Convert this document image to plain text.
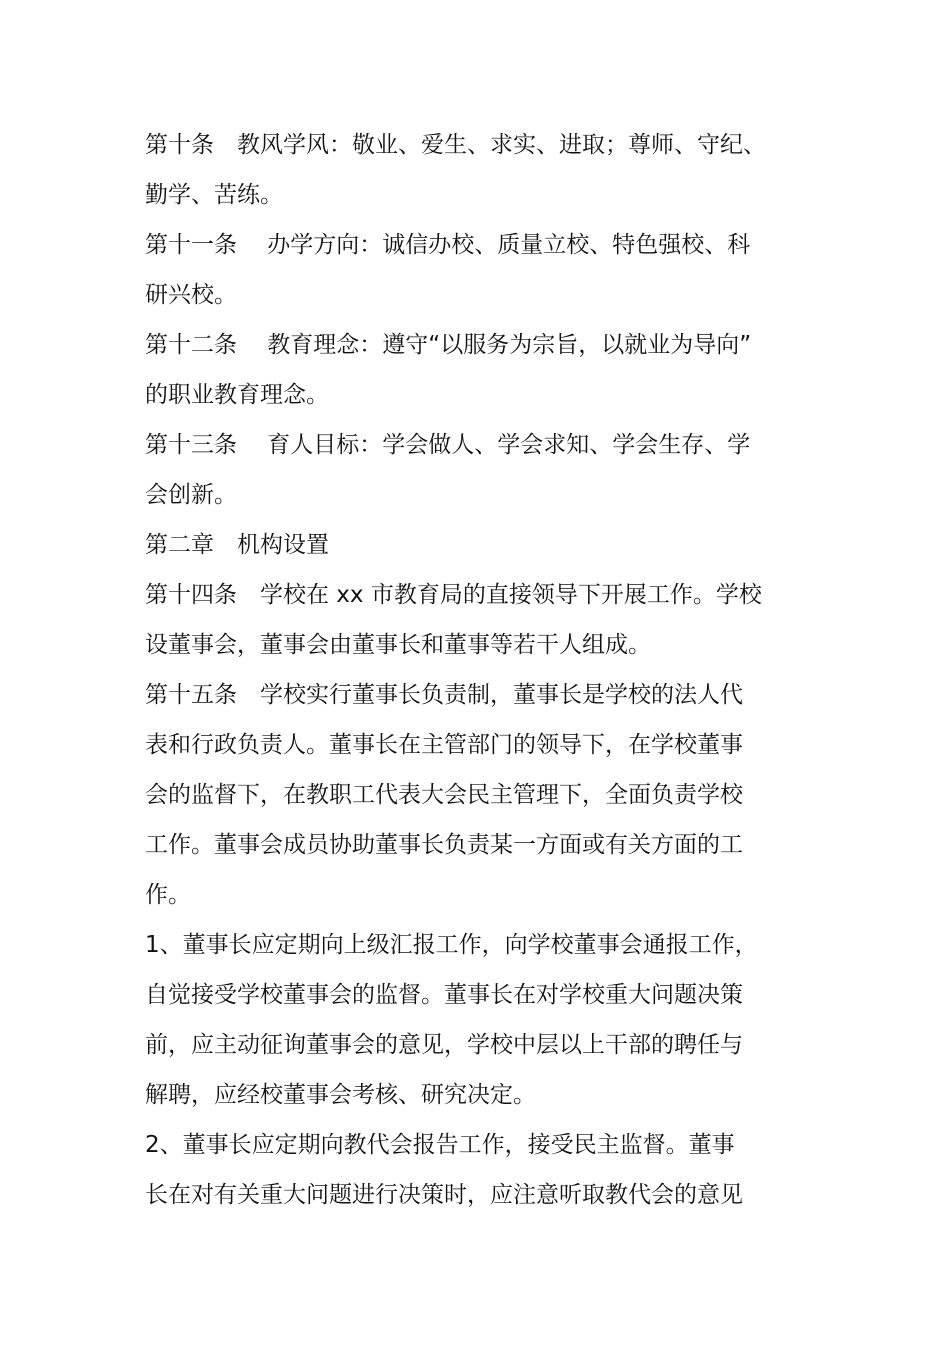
第十条　教风学风：敬业、爱生、求实、进取；尊师、守纪、
勤学、苦练。
第十一条　 办学方向：诚信办校、质量立校、特色强校、科
研兴校。
第十二条　 教育理念：遵守“以服务为宗旨，以就业为导向”
的职业教育理念。
第十三条　 育人目标：学会做人、学会求知、学会生存、学
会创新。
第二章　机构设置
第十四条　学校在 xx 市教育局的直接领导下开展工作。学校
设董事会，董事会由董事长和董事等若干人组成。
第十五条　学校实行董事长负责制，董事长是学校的法人代
表和行政负责人。董事长在主管部门的领导下，在学校董事
会的监督下，在教职工代表大会民主管理下，全面负责学校
工作。董事会成员协助董事长负责某一方面或有关方面的工
作。
1、董事长应定期向上级汇报工作，向学校董事会通报工作，
自觉接受学校董事会的监督。董事长在对学校重大问题决策
前，应主动征询董事会的意见，学校中层以上干部的聘任与
解聘，应经校董事会考核、研究决定。
2、董事长应定期向教代会报告工作，接受民主监督。董事
长在对有关重大问题进行决策时，应注意听取教代会的意见
